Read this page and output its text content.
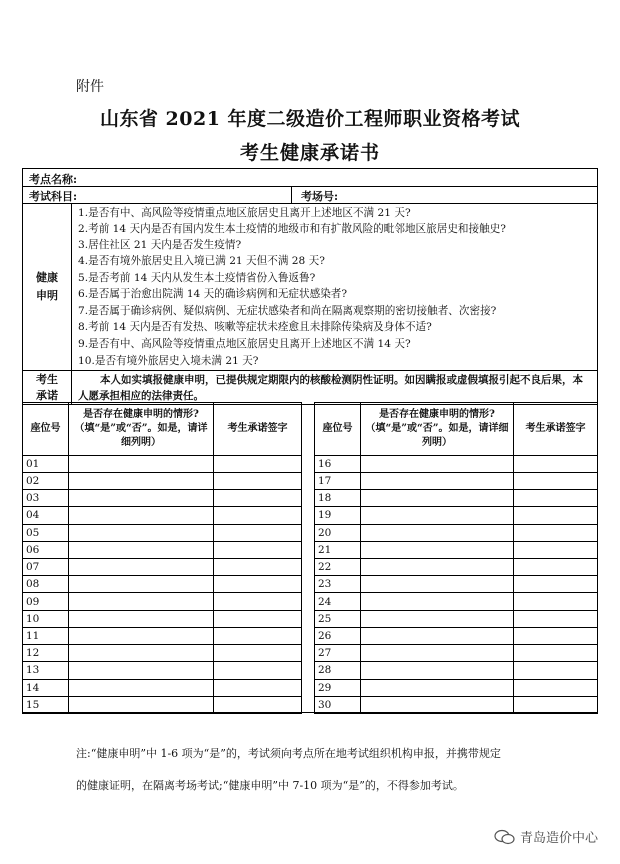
附件
山东省 2021 年度二级造价工程师职业资格考试
考生健康承诺书
考点名称:
考试科目:	考场号:
健康
申明
1.是否有中、高风险等疫情重点地区旅居史且离开上述地区不满 21 天?
2.考前 14 天内是否有国内发生本土疫情的地级市和有扩散风险的毗邻地区旅居史和接触史?
3.居住社区 21 天内是否发生疫情?
4.是否有境外旅居史且入境已满 21 天但不满 28 天?
5.是否考前 14 天内从发生本土疫情省份入鲁返鲁?
6.是否属于治愈出院满 14 天的确诊病例和无症状感染者?
7.是否属于确诊病例、疑似病例、无症状感染者和尚在隔离观察期的密切接触者、次密接?
8.考前 14 天内是否有发热、咳嗽等症状未痊愈且未排除传染病及身体不适?
9.是否有中、高风险等疫情重点地区旅居史且离开上述地区不满 14 天?
10.是否有境外旅居史入境未满 21 天?
考生
承诺
本人如实填报健康申明，已提供规定期限内的核酸检测阴性证明。如因瞒报或虚假填报引起不良后果，本人愿承担相应的法律责任。
座位号	是否存在健康申明的情形?（填“是”或“否”。如是，请详细列明）	考生承诺签字
01		
02		
03		
04		
05		
06		
07		
08		
09		
10		
11		
12		
13		
14		
15		
座位号	是否存在健康申明的情形?（填“是”或“否”。如是，请详细列明）	考生承诺签字
16		
17		
18		
19		
20		
21		
22		
23		
24		
25		
26		
27		
28		
29		
30		
注:“健康申明”中 1-6 项为“是”的，考试须向考点所在地考试组织机构申报，并携带规定
的健康证明，在隔离考场考试;“健康申明”中 7-10 项为“是”的，不得参加考试。
青岛造价中心
